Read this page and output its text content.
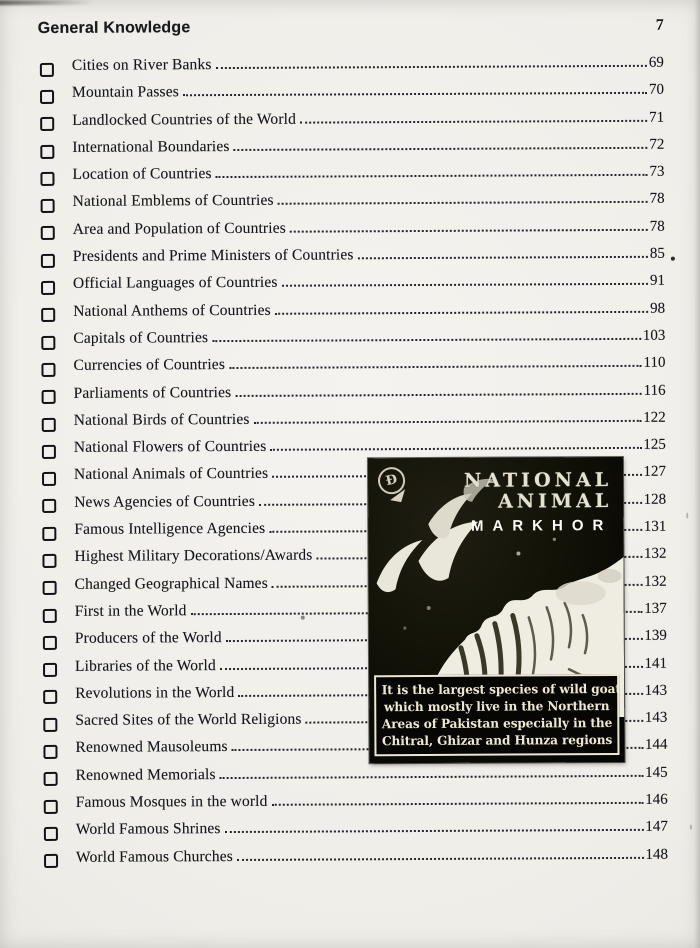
General Knowledge	7
Cities on River Banks	69
Mountain Passes	70
Landlocked Countries of the World	71
International Boundaries	72
Location of Countries	73
National Emblems of Countries	78
Area and Population of Countries	78
Presidents and Prime Ministers of Countries	85
Official Languages of Countries	91
National Anthems of Countries	98
Capitals of Countries	103
Currencies of Countries	110
Parliaments of Countries	116
National Birds of Countries	122
National Flowers of Countries	125
National Animals of Countries	127
News Agencies of Countries	128
Famous Intelligence Agencies	131
Highest Military Decorations/Awards	132
Changed Geographical Names	132
First in the World	137
Producers of the World	139
Libraries of the World	141
Revolutions in the World	143
Sacred Sites of the World Religions	143
Renowned Mausoleums	144
Renowned Memorials	145
Famous Mosques in the world	146
World Famous Shrines	147
World Famous Churches	148
Ð	NATIONAL
ANIMAL
MARKHOR
It is the largest species of wild goat
which mostly live in the Northern
Areas of Pakistan especially in the
Chitral, Ghizar and Hunza regions
